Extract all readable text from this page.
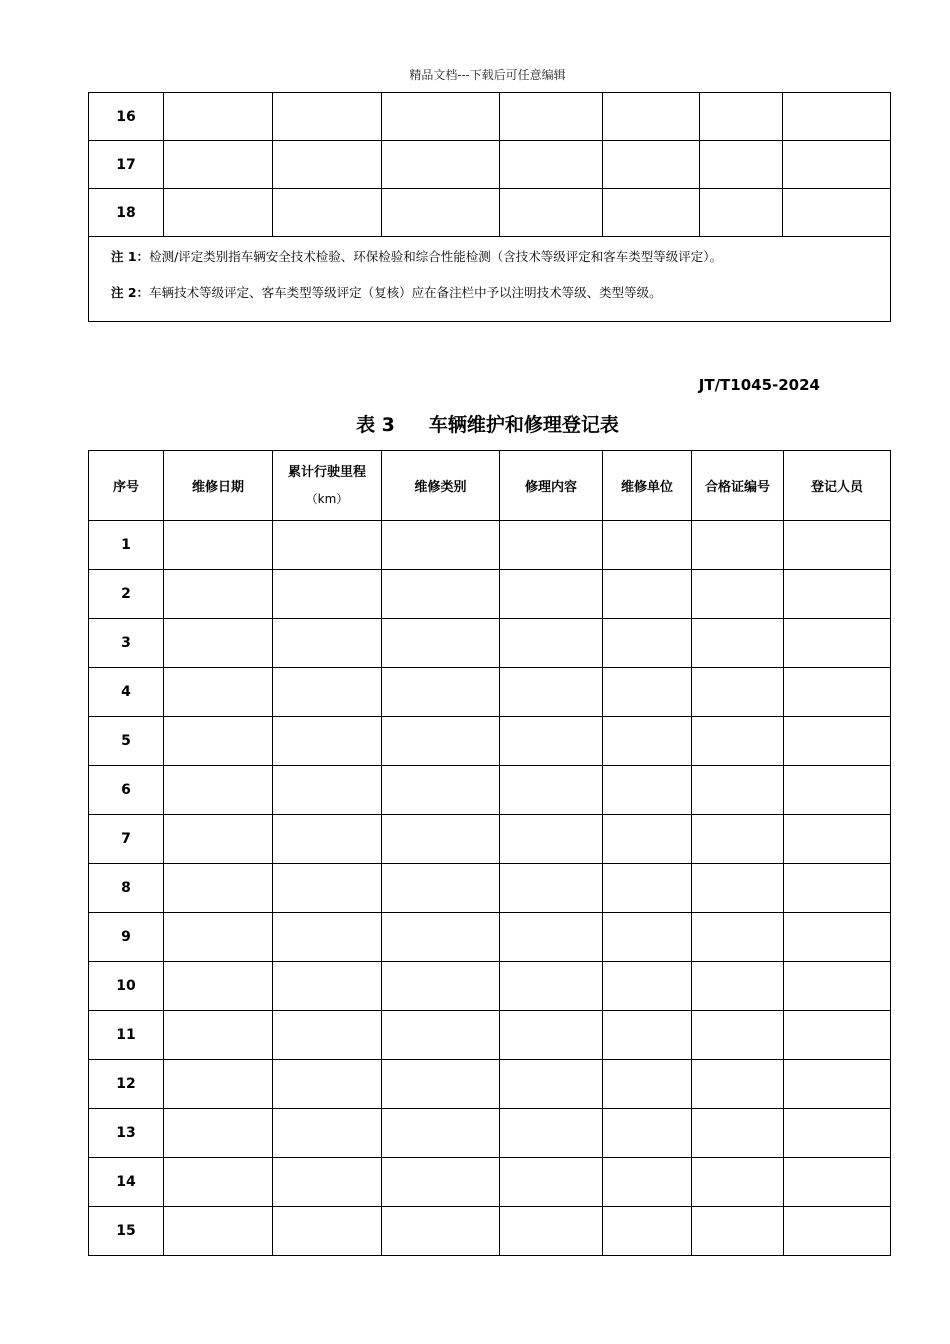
精品文档---下载后可任意编辑
16							
17							
18							

注 1：检测/评定类别指车辆安全技术检验、环保检验和综合性能检测（含技术等级评定和客车类型等级评定）。
注 2：车辆技术等级评定、客车类型等级评定（复核）应在备注栏中予以注明技术等级、类型等级。							
JT/T1045-2024
表 3 车辆维护和修理登记表
序号	维修日期	累计行驶里程
（km）	维修类别	修理内容	维修单位	合格证编号	登记人员
1							
2							
3							
4							
5							
6							
7							
8							
9							
10							
11							
12							
13							
14							
15							
